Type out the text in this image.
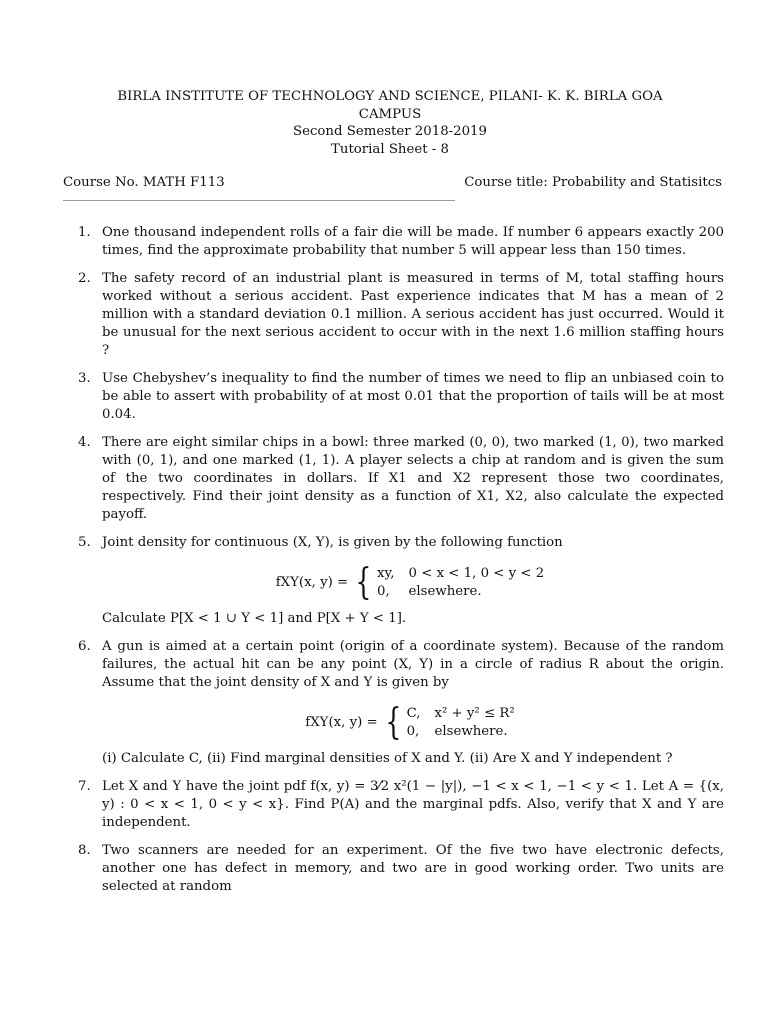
BIRLA INSTITUTE OF TECHNOLOGY AND SCIENCE, PILANI- K. K. BIRLA GOA
CAMPUS
Second Semester 2018-2019
Tutorial Sheet - 8
Course No. MATH F113	Course title: Probability and Statisitcs
1. One thousand independent rolls of a fair die will be made. If number 6 appears exactly 200 times, find the approximate probability that number 5 will appear less than 150 times.

2. The safety record of an industrial plant is measured in terms of M, total staffing hours worked without a serious accident. Past experience indicates that M has a mean of 2 million with a standard deviation 0.1 million. A serious accident has just occurred. Would it be unusual for the next serious accident to occur with in the next 1.6 million staffing hours ?

3. Use Chebyshev’s inequality to find the number of times we need to flip an unbiased coin to be able to assert with probability of at most 0.01 that the proportion of tails will be at most 0.04.

4. There are eight similar chips in a bowl: three marked (0, 0), two marked (1, 0), two marked with (0, 1), and one marked (1, 1). A player selects a chip at random and is given the sum of the two coordinates in dollars. If X1 and X2 represent those two coordinates, respectively. Find their joint density as a function of X1, X2, also calculate the expected payoff.

5. Joint density for continuous (X, Y), is given by the following function

fXY(x, y) = { xy,	0 < x < 1, 0 < y < 2
0,	elsewhere.

Calculate P[X < 1 ∪ Y < 1] and P[X + Y < 1].

6. A gun is aimed at a certain point (origin of a coordinate system). Because of the random failures, the actual hit can be any point (X, Y) in a circle of radius R about the origin. Assume that the joint density of X and Y is given by

fXY(x, y) = { C,	x² + y² ≤ R²
0,	elsewhere.

(i) Calculate C, (ii) Find marginal densities of X and Y. (ii) Are X and Y independent ?

7. Let X and Y have the joint pdf f(x, y) = 3⁄2 x²(1 − |y|), −1 < x < 1, −1 < y < 1. Let A = {(x, y) : 0 < x < 1, 0 < y < x}. Find P(A) and the marginal pdfs. Also, verify that X and Y are independent.

8. Two scanners are needed for an experiment. Of the five two have electronic defects, another one has defect in memory, and two are in good working order. Two units are selected at random
